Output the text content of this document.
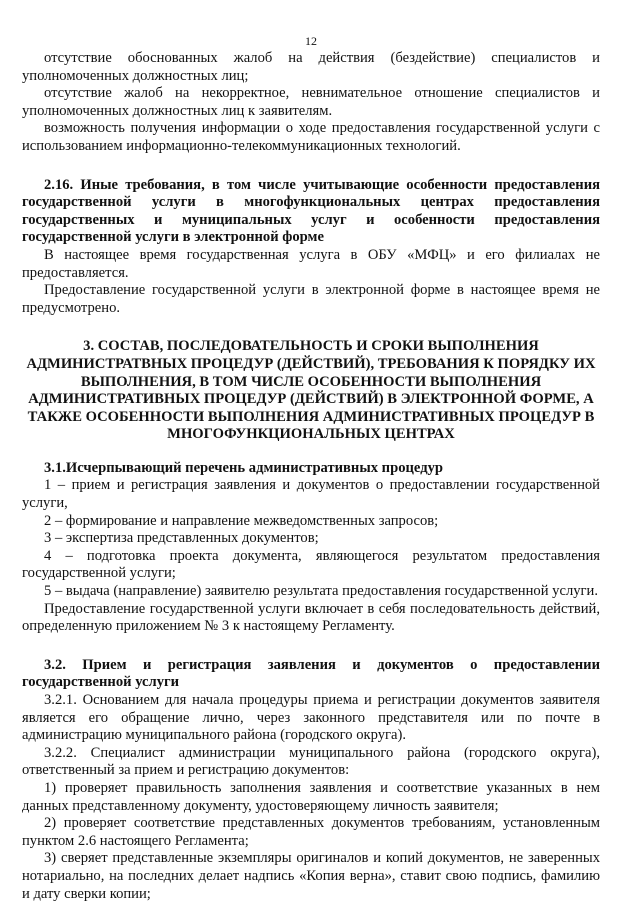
12

отсутствие обоснованных жалоб на действия (бездействие) специалистов и уполномоченных должностных лиц;

отсутствие жалоб на некорректное, невнимательное отношение специалистов и уполномоченных должностных лиц к заявителям.

возможность получения информации о ходе предоставления государственной услуги с использованием информационно-телекоммуникационных технологий.

2.16. Иные требования, в том числе учитывающие особенности предоставления государственной услуги в многофункциональных центрах предоставления государственных и муниципальных услуг и особенности предоставления государственной услуги в электронной форме

В настоящее время государственная услуга в ОБУ «МФЦ» и его филиалах не предоставляется.

Предоставление государственной услуги в электронной форме в настоящее время не предусмотрено.

3. СОСТАВ, ПОСЛЕДОВАТЕЛЬНОСТЬ И СРОКИ ВЫПОЛНЕНИЯ АДМИНИСТРАТВНЫХ ПРОЦЕДУР (ДЕЙСТВИЙ), ТРЕБОВАНИЯ К ПОРЯДКУ ИХ ВЫПОЛНЕНИЯ, В ТОМ ЧИСЛЕ ОСОБЕННОСТИ ВЫПОЛНЕНИЯ АДМИНИСТРАТИВНЫХ ПРОЦЕДУР (ДЕЙСТВИЙ) В ЭЛЕКТРОННОЙ ФОРМЕ, А ТАКЖЕ ОСОБЕННОСТИ ВЫПОЛНЕНИЯ АДМИНИСТРАТИВНЫХ ПРОЦЕДУР В МНОГОФУНКЦИОНАЛЬНЫХ ЦЕНТРАХ

3.1.Исчерпывающий перечень административных процедур

1 – прием и регистрация заявления и документов о предоставлении государственной услуги,

2 – формирование и направление межведомственных запросов;

3 – экспертиза представленных документов;

4 – подготовка проекта документа, являющегося результатом предоставления государственной услуги;

5 – выдача (направление) заявителю результата предоставления государственной услуги.

Предоставление государственной услуги включает в себя последовательность действий, определенную приложением № 3 к настоящему Регламенту.

3.2. Прием и регистрация заявления и документов о предоставлении государственной услуги

3.2.1. Основанием для начала процедуры приема и регистрации документов заявителя является его обращение лично, через законного представителя или по почте в администрацию муниципального района (городского округа).

3.2.2. Специалист администрации муниципального района (городского округа), ответственный за прием и регистрацию документов:

1) проверяет правильность заполнения заявления и соответствие указанных в нем данных представленному документу, удостоверяющему личность заявителя;

2) проверяет соответствие представленных документов требованиям, установленным пунктом 2.6 настоящего Регламента;

3) сверяет представленные экземпляры оригиналов и копий документов, не заверенных нотариально, на последних делает надпись «Копия верна», ставит свою подпись, фамилию и дату сверки копии;
